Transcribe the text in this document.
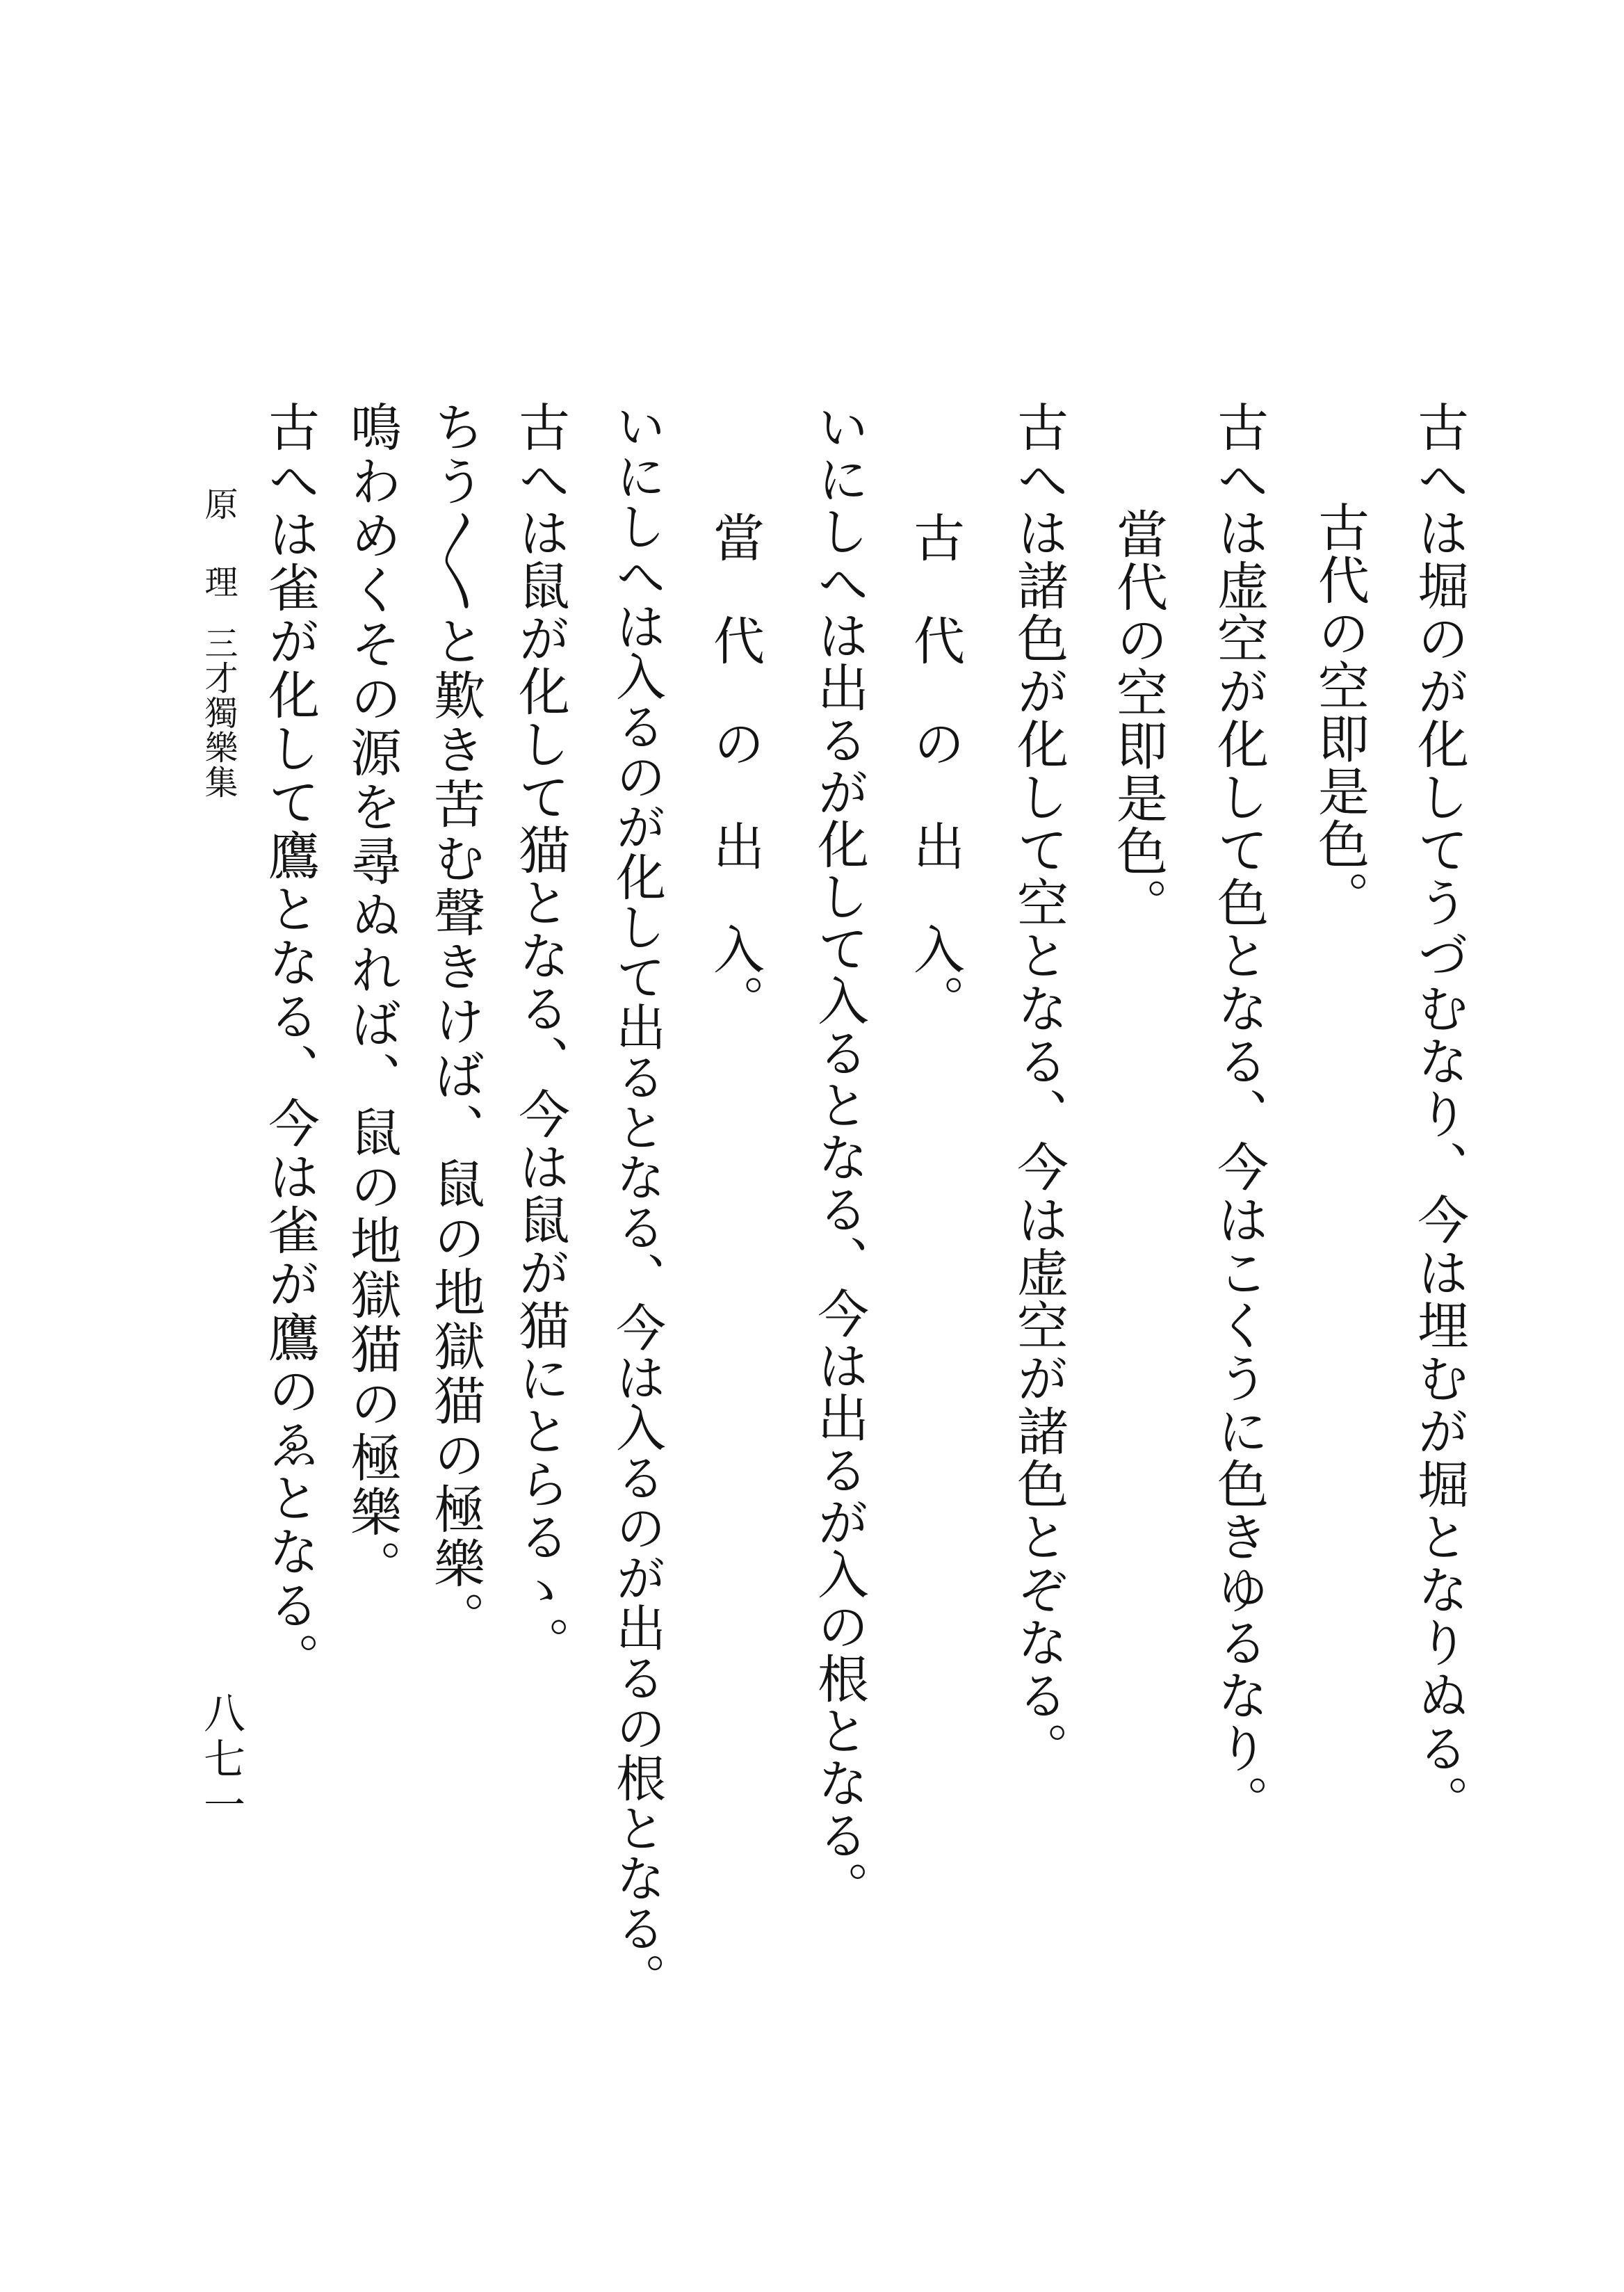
古へは堀のが化してうづむなり、今は埋むが堀となりぬる。
古代の空即是色。
古へは虚空が化して色となる、今はこくうに色きゆるなり。
當代の空即是色。
古へは諸色が化して空となる、今は虚空が諸色とぞなる。
古　代　の　出　入。
いにしへは出るが化して入るとなる、今は出るが入の根となる。
當　代　の　出　入。
いにしへは入るのが化して出るとなる、今は入るのが出るの根となる。
古へは鼠が化して猫となる、今は鼠が猫にとらるゝ。
ちう〳〵と歎き苦む聲きけば、鼠の地獄猫の極樂。
鳴わめくその源を尋ぬれば、鼠の地獄猫の極樂。
古へは雀が化して鷹となる、今は雀が鷹のゑとなる。
原　理
三才獨樂集
八七一
